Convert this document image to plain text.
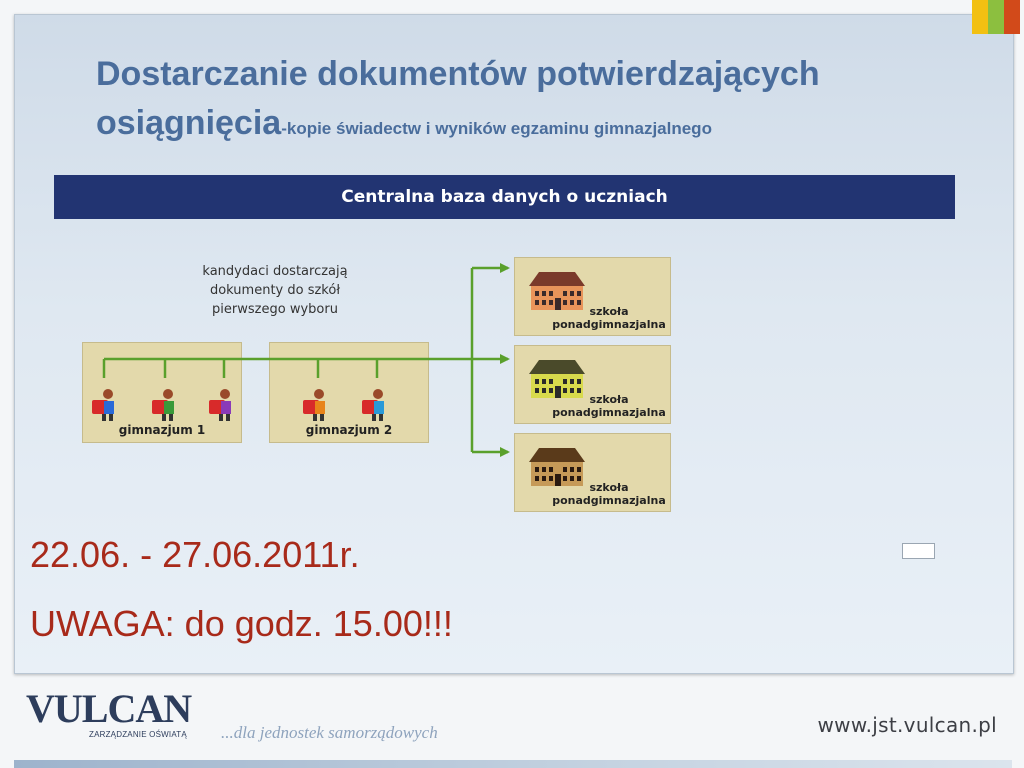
Dostarczanie dokumentów potwierdzających
osiągnięcia-kopie świadectw i wyników egzaminu gimnazjalnego
Centralna baza danych o uczniach
kandydaci dostarczają
dokumenty do szkół
pierwszego wyboru
gimnazjum 1	gimnazjum 2
szkoła
ponadgimnazjalna
szkoła
ponadgimnazjalna
szkoła
ponadgimnazjalna

22.06. - 27.06.2011r.

UWAGA: do godz. 15.00!!!

VULCAN
ZARZĄDZANIE OŚWIATĄ ...dla jednostek samorządowych	www.jst.vulcan.pl
